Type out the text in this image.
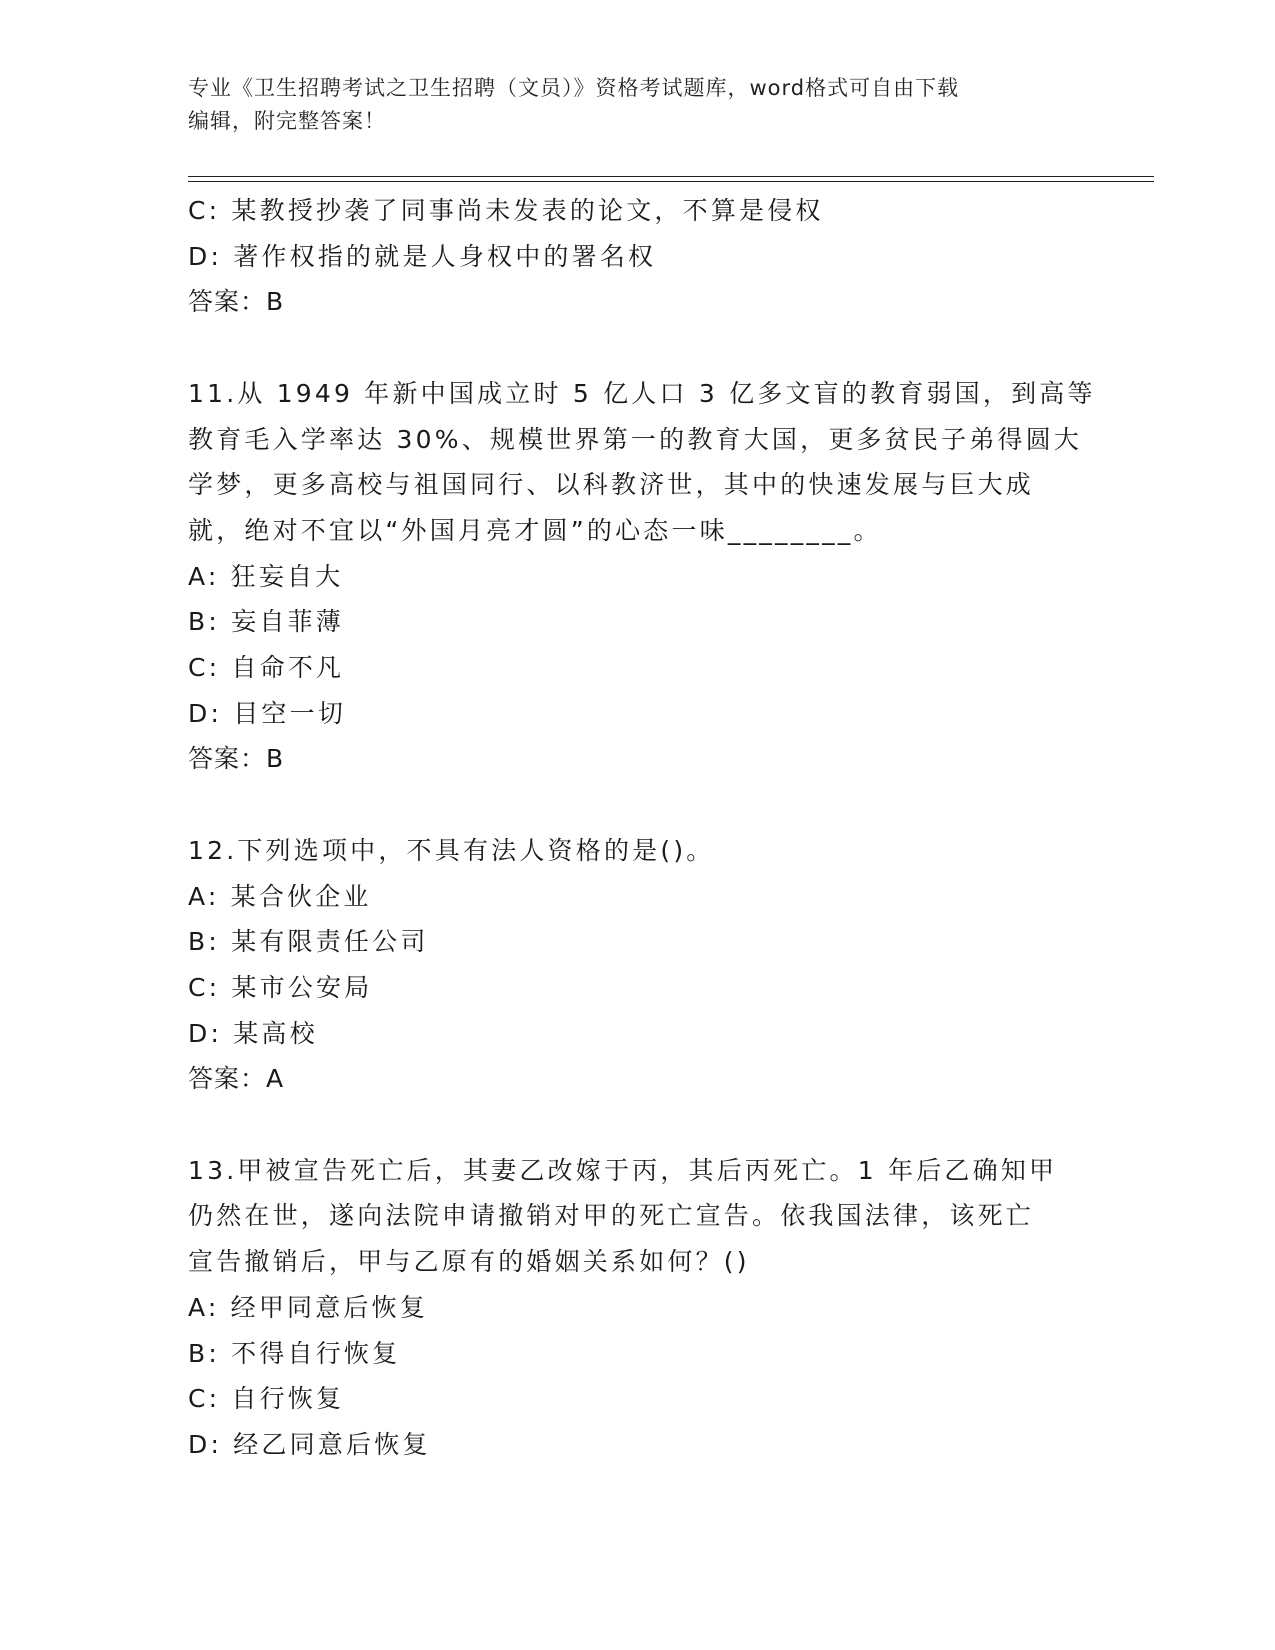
专业《卫生招聘考试之卫生招聘（文员）》资格考试题库，word格式可自由下载
编辑，附完整答案！
C: 某教授抄袭了同事尚未发表的论文，不算是侵权
D: 著作权指的就是人身权中的署名权
答案：B
11.从 1949 年新中国成立时 5 亿人口 3 亿多文盲的教育弱国，到高等
教育毛入学率达 30%、规模世界第一的教育大国，更多贫民子弟得圆大
学梦，更多高校与祖国同行、以科教济世，其中的快速发展与巨大成
就，绝对不宜以“外国月亮才圆”的心态一味________。
A: 狂妄自大
B: 妄自菲薄
C: 自命不凡
D: 目空一切
答案：B
12.下列选项中，不具有法人资格的是()。
A: 某合伙企业
B: 某有限责任公司
C: 某市公安局
D: 某高校
答案：A
13.甲被宣告死亡后，其妻乙改嫁于丙，其后丙死亡。1 年后乙确知甲
仍然在世，遂向法院申请撤销对甲的死亡宣告。依我国法律，该死亡
宣告撤销后，甲与乙原有的婚姻关系如何？()
A: 经甲同意后恢复
B: 不得自行恢复
C: 自行恢复
D: 经乙同意后恢复
